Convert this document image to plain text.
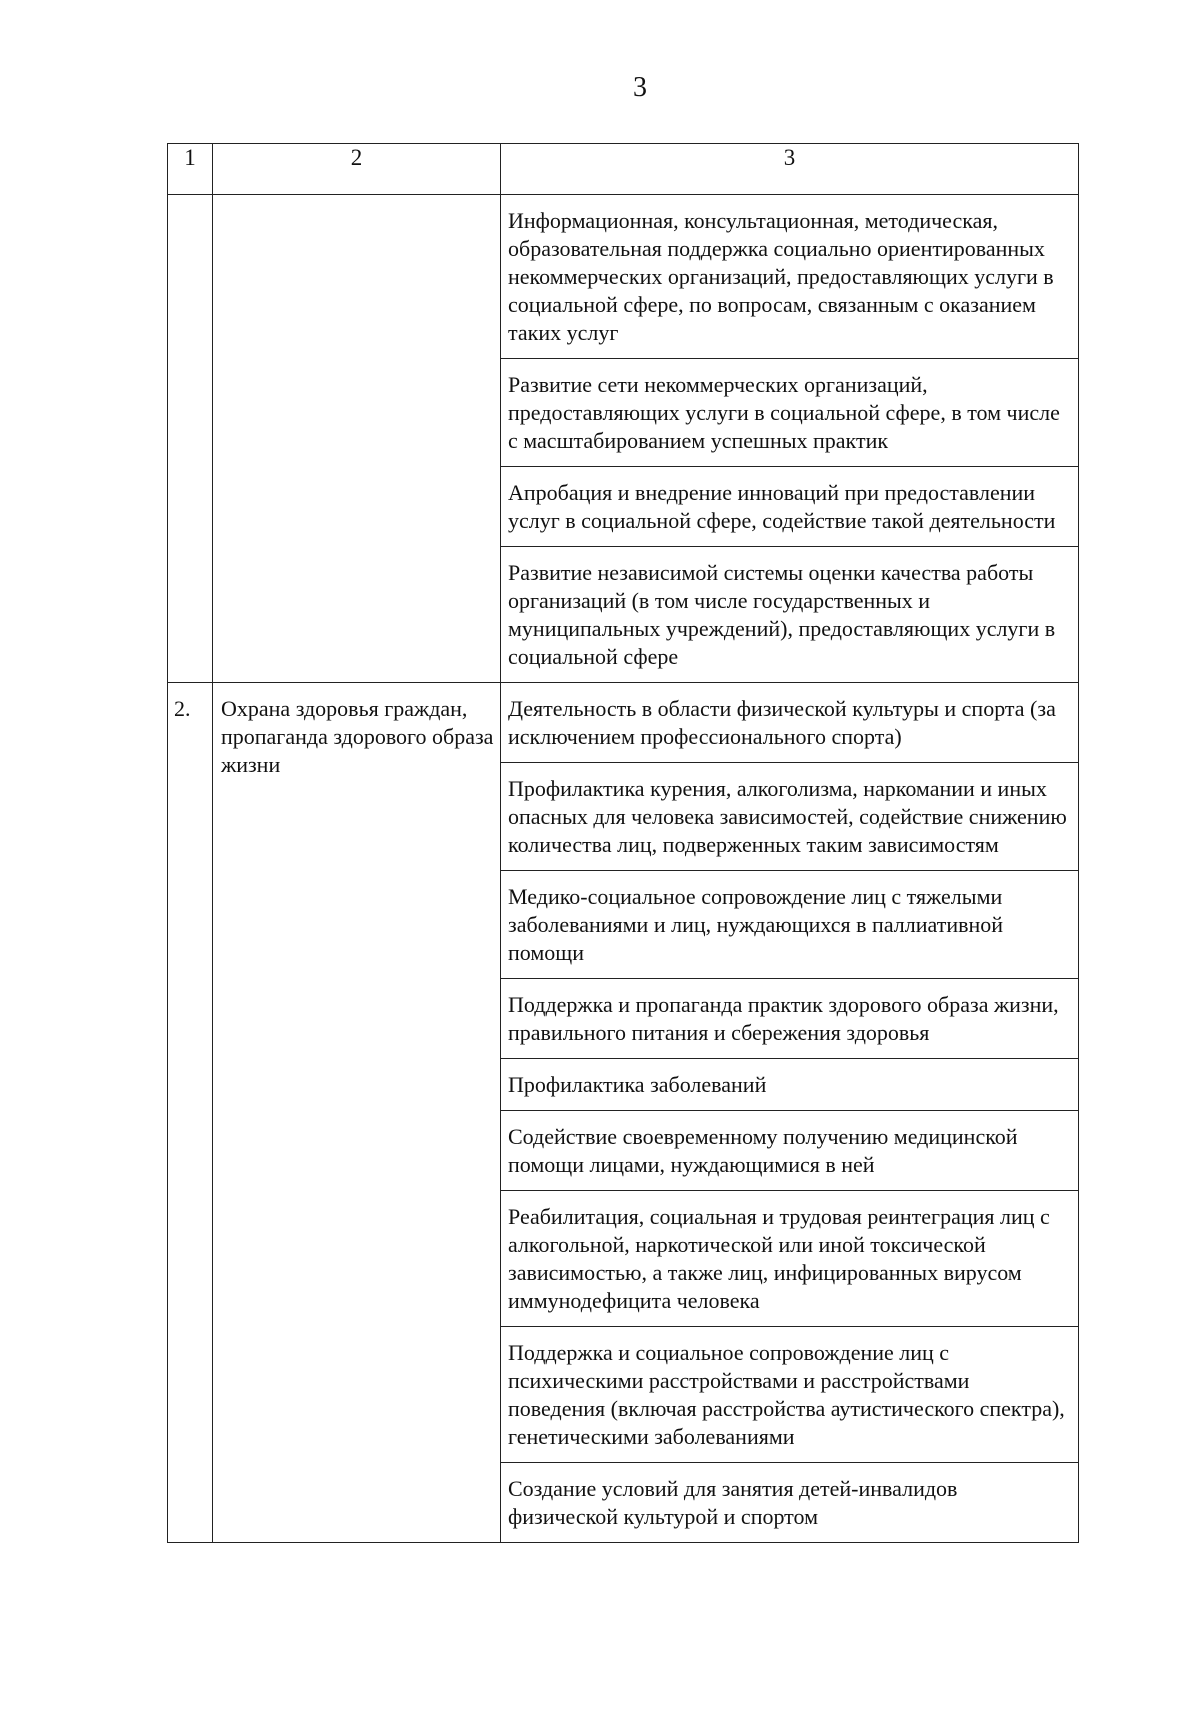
3
1	2	3

		Информационная, консультационная, методическая, образовательная поддержка социально ориентированных некоммерческих организаций, предоставляющих услуги в социальной сфере, по вопросам, связанным с оказанием таких услуг

		Развитие сети некоммерческих организаций, предоставляющих услуги в социальной сфере, в том числе с масштабированием успешных практик

		Апробация и внедрение инноваций при предоставлении услуг в социальной сфере, содействие такой деятельности

		Развитие независимой системы оценки качества работы организаций (в том числе государственных и муниципальных учреждений), предоставляющих услуги в социальной сфере

2.	Охрана здоровья граждан, пропаганда здорового образа жизни	Деятельность в области физической культуры и спорта (за исключением профессионального спорта)

		Профилактика курения, алкоголизма, наркомании и иных опасных для человека зависимостей, содействие снижению количества лиц, подверженных таким зависимостям

		Медико-социальное сопровождение лиц с тяжелыми заболеваниями и лиц, нуждающихся в паллиативной помощи

		Поддержка и пропаганда практик здорового образа жизни, правильного питания и сбережения здоровья

		Профилактика заболеваний

		Содействие своевременному получению медицинской помощи лицами, нуждающимися в ней

		Реабилитация, социальная и трудовая реинтеграция лиц с алкогольной, наркотической или иной токсической зависимостью, а также лиц, инфицированных вирусом иммунодефицита человека

		Поддержка и социальное сопровождение лиц с психическими расстройствами и расстройствами поведения (включая расстройства аутистического спектра), генетическими заболеваниями

		Создание условий для занятия детей-инвалидов физической культурой и спортом
